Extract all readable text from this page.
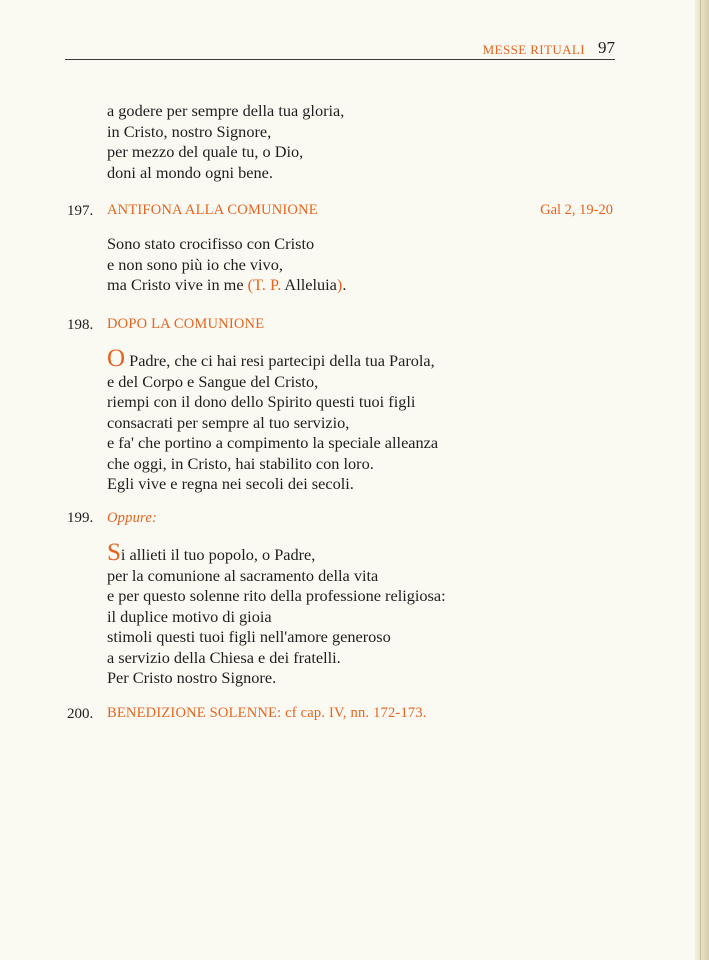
MESSE RITUALI 97

a godere per sempre della tua gloria,

in Cristo, nostro Signore,

per mezzo del quale tu, o Dio,

doni al mondo ogni bene.

197. ANTIFONA ALLA COMUNIONE	Gal 2, 19-20

Sono stato crocifisso con Cristo

e non sono più io che vivo,

ma Cristo vive in me (T. P. Alleluia).

198. DOPO LA COMUNIONE

O Padre, che ci hai resi partecipi della tua Parola,

e del Corpo e Sangue del Cristo,

riempi con il dono dello Spirito questi tuoi figli

consacrati per sempre al tuo servizio,

e fa' che portino a compimento la speciale alleanza

che oggi, in Cristo, hai stabilito con loro.

Egli vive e regna nei secoli dei secoli.

199. Oppure:

Si allieti il tuo popolo, o Padre,

per la comunione al sacramento della vita

e per questo solenne rito della professione religiosa:

il duplice motivo di gioia

stimoli questi tuoi figli nell'amore generoso

a servizio della Chiesa e dei fratelli.

Per Cristo nostro Signore.

200. BENEDIZIONE SOLENNE: cf cap. IV, nn. 172-173.
